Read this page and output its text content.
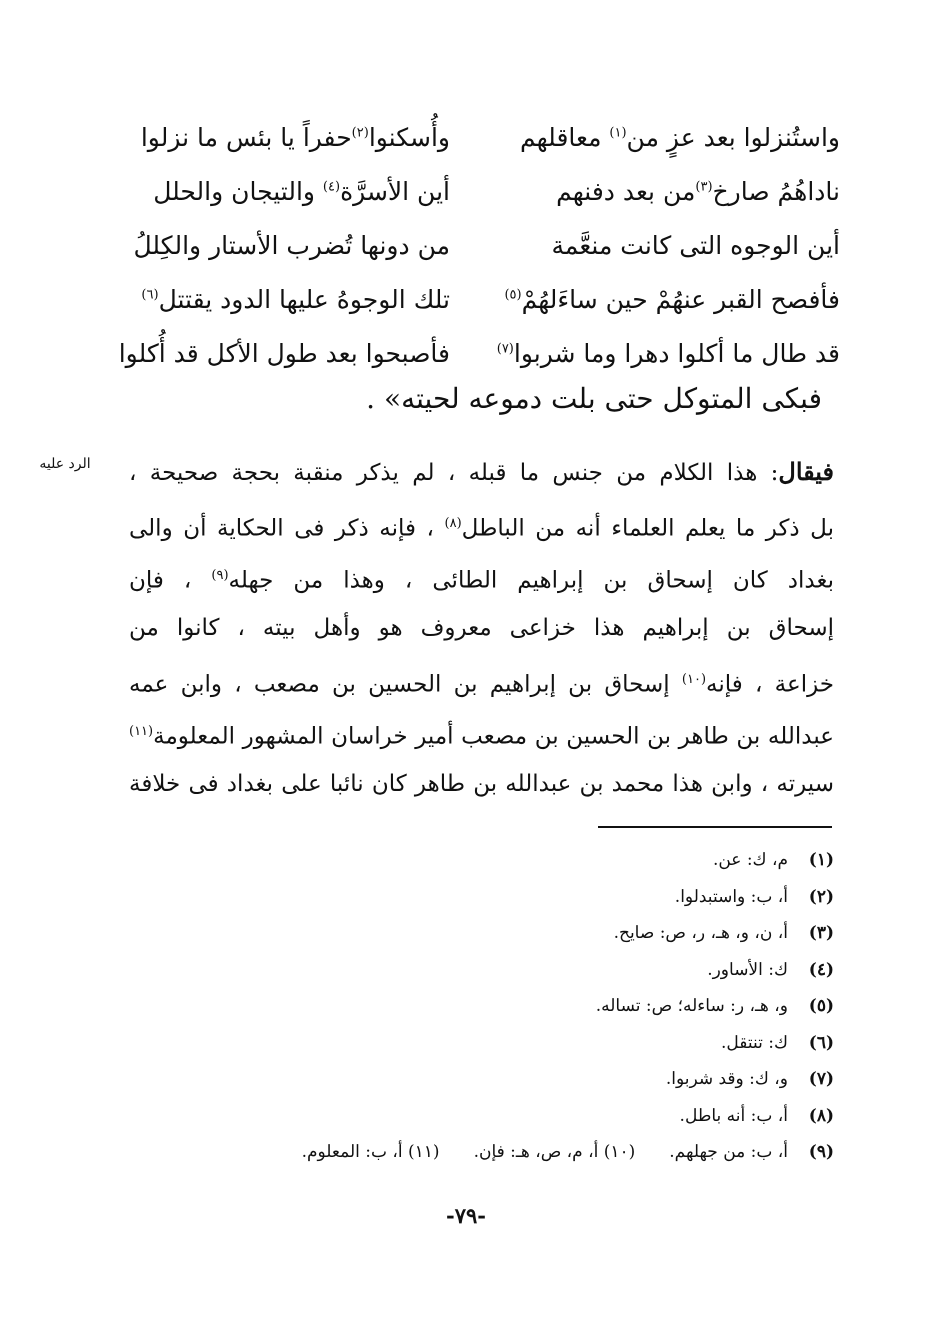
واستُنزلوا بعد عزٍ من$^{(١)}$ معاقلهم
وأُسكنوا$^{(٢)}$حفراً يا بئس ما نزلوا
ناداهُمُ صارخ$^{(٣)}$من بعد دفنهم
أين الأسرَّة$^{(٤)}$ والتيجان والحلل
أين الوجوه التى كانت منعَّمة
من دونها تُضرب الأستار والكِللُ
فأفصح القبر عنهُمْ حين ساءَلهُمْ$^{(٥)}$
تلك الوجوهُ عليها الدود يقتتل$^{(٦)}$
قد طال ما أكلوا دهرا وما شربوا$^{(٧)}$
فأصبحوا بعد طول الأكل قد أُكلوا
فبكى المتوكل حتى بلت دموعه لحيته» .
الرد عليه	فيقال: هذا الكلام من جنس ما قبله ، لم يذكر منقبة بحجة صحيحة ،
بل ذكر ما يعلم العلماء أنه من الباطل$^{(٨)}$ ، فإنه ذكر فى الحكاية أن والى
بغداد كان إسحاق بن إبراهيم الطائى ، وهذا من جهله$^{(٩)}$ ، فإن
إسحاق بن إبراهيم هذا خزاعى معروف هو وأهل بيته ، كانوا من
خزاعة ، فإنه$^{(١٠)}$ إسحاق بن إبراهيم بن الحسين بن مصعب ، وابن عمه
عبدالله بن طاهر بن الحسين بن مصعب أمير خراسان المشهور المعلومة$^{(١١)}$
سيرته ، وابن هذا محمد بن عبدالله بن طاهر كان نائبا على بغداد فى خلافة
(١)
م، ك: عن.
(٢)
أ، ب: واستبدلوا.
(٣)
أ، ن، و، هـ، ر، ص: صايح.
(٤)
ك: الأساور.
(٥)
و، هـ، ر: ساءله؛ ص: تساله.
(٦)
ك: تنتقل.
(٧)
و، ك: وقد شربوا.
(٨)
أ، ب: أنه باطل.
(٩)
أ، ب: من جهلهم.
(١٠)

أ، م، ص، هـ: فإن.
(١١)

أ، ب: المعلوم.
-٧٩-
